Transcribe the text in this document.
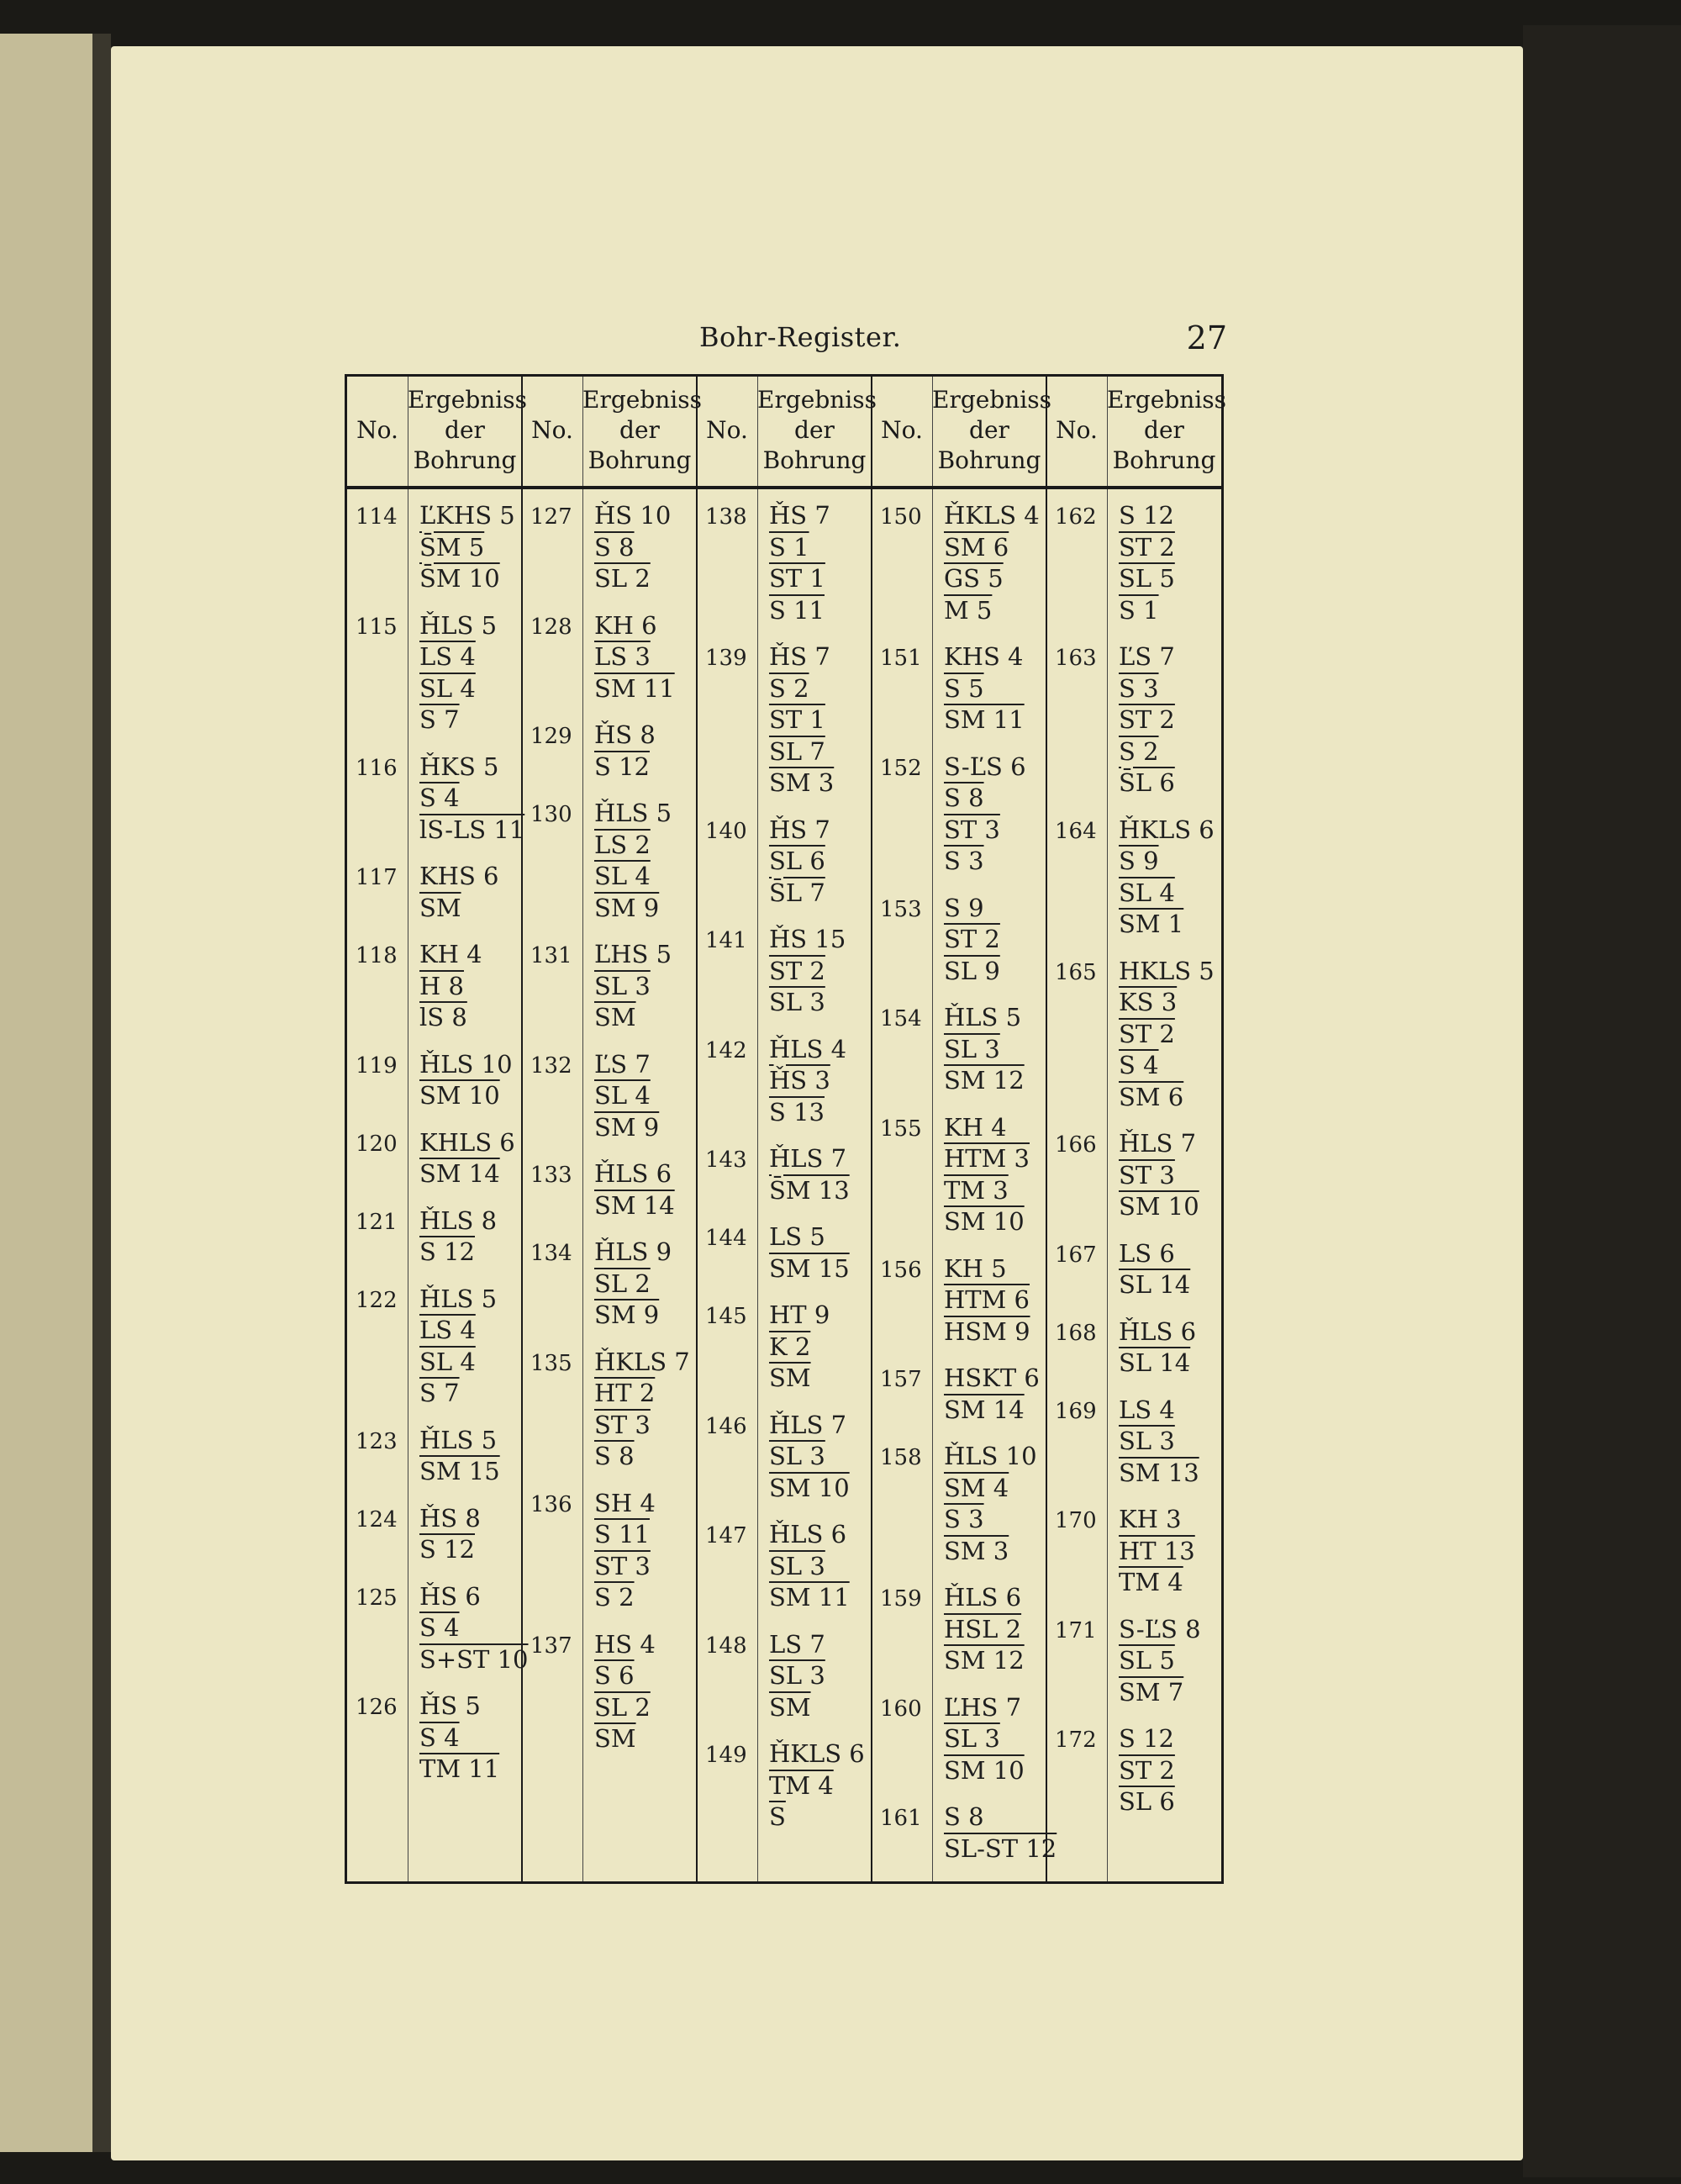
Bohr-Register.	27
No.
Ergebniss
der
Bohrung
No.
Ergebniss
der
Bohrung
No.
Ergebniss
der
Bohrung
No.
Ergebniss
der
Bohrung
No.
Ergebniss
der
Bohrung
114 ĽKHS 5
S̄M 5
S̄M 10
115 ȞLS 5
LS 4
SL 4
S 7
116 ȞKS 5
S 4
lS-LS 11
117 KHS 6
$\overline{SM}$
118 KH 4
H 8
lS 8
119 ȞLS 10
SM 10
120 KHLS 6
SM 14
121 ȞLS 8
S 12
122 ȞLS 5
LS 4
SL 4
S 7
123 ȞLS 5
SM 15
124 ȞS 8
S 12
125 ȞS 6
S 4
S+ST 10
126 ȞS 5
S 4
TM 11
127 ȞS 10
S 8
SL 2
128 KH 6
LS 3
SM 11
129 ȞS 8
S 12
130 ȞLS 5
LS 2
SL 4
SM 9
131 ĽHS 5
SL 3
$\overline{SM}$
132 ĽS 7
SL 4
SM 9
133 ȞLS 6
SM 14
134 ȞLS 9
SL 2
SM 9
135 ȞKLS 7
HT 2
ST 3
S 8
136 SH 4
S 11
ST 3
S 2
137 HS 4
S 6
SL 2
$\overline{SM}$
138 ȞS 7
S 1
ST 1
S 11
139 ȞS 7
S 2
ST 1
SL 7
SM 3
140 ȞS 7
SL 6
S̄L 7
141 ȞS 15
ST 2
SL 3
142 ȞLS 4
ȞS 3
S 13
143 ȞLS 7
S̄M 13
144 LS 5
SM 15
145 HT 9
K 2
$\overline{SM}$
146 ȞLS 7
SL 3
SM 10
147 ȞLS 6
SL 3
SM 11
148 LS 7
SL 3
$\overline{SM}$
149 ȞKLS 6
TM 4
$\overline{S}$
150 ȞKLS 4
SM 6
GS 5
M 5
151 KHS 4
S 5
SM 11
152 S-ĽS 6
S 8
ST 3
S 3
153 S 9
ST 2
SL 9
154 ȞLS 5
SL 3
SM 12
155 KH 4
HTM 3
TM 3
SM 10
156 KH 5
HTM 6
HSM 9
157 HSKT 6
SM 14
158 ȞLS 10
SM 4
S 3
SM 3
159 ȞLS 6
HSL 2
SM 12
160 ĽHS 7
SL 3
SM 10
161 S 8
SL-ST 12
162 S 12
ST 2
SL 5
S 1
163 ĽS 7
S 3
ST 2
S 2
S̄L 6
164 ȞKLS 6
S 9
SL 4
SM 1
165 HKLS 5
KS 3
ST 2
S 4
SM 6
166 ȞLS 7
ST 3
SM 10
167 LS 6
SL 14
168 ȞLS 6
SL 14
169 LS 4
SL 3
SM 13
170 KH 3
HT 13
TM 4
171 S-ĽS 8
SL 5
SM 7
172 S 12
ST 2
SL 6
